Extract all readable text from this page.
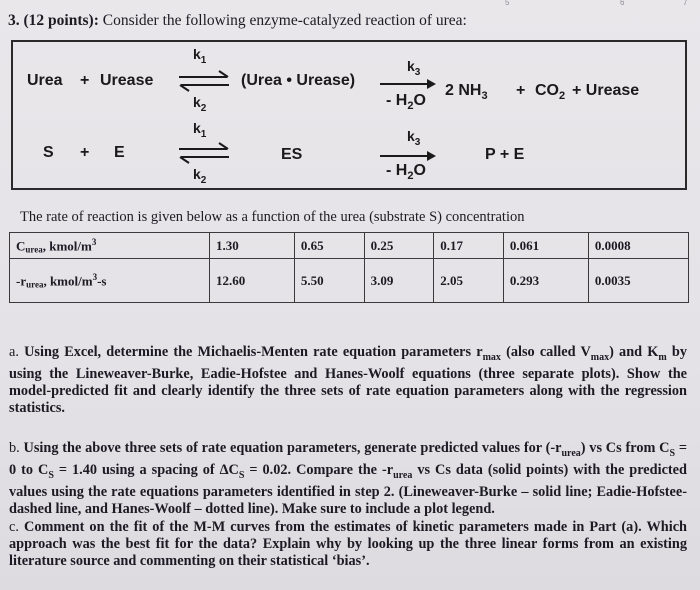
5	6	7
3. (12 points): Consider the following enzyme-catalyzed reaction of urea:
Urea + Urease
$k_1$
$k_2$
(Urea • Urease)
$k_3$
- $H_2O$
2 $NH_3 + CO_2$ + Urease
S + E
$k_1$
$k_2$
ES
$k_3$
- $H_2O$
P + E
The rate of reaction is given below as a function of the urea (substrate S) concentration
Curea, kmol/$m^3$	1.30	0.65	0.25	0.17	0.061	0.0008
-rurea, kmol/$m^3-s$	12.60	5.50	3.09	2.05	0.293	0.0035
a. Using Excel, determine the Michaelis-Menten rate equation parameters $r_{max}$ (also called $V_{max}$) and $K_m$ by using the Lineweaver-Burke, Eadie-Hofstee and Hanes-Woolf equations (three separate plots). Show the model-predicted fit and clearly identify the three sets of rate equation parameters along with the regression statistics.
b. Using the above three sets of rate equation parameters, generate predicted values for $(-r_{urea})$ vs Cs from $C_S = 0$ to $C_S = 1.40$ using a spacing of $\Delta C_S = 0.02$. Compare the $-r_{urea}$ vs Cs data (solid points) with the predicted values using the rate equations parameters identified in step 2. (Lineweaver-Burke – solid line; Eadie-Hofstee-dashed line, and Hanes-Woolf – dotted line). Make sure to include a plot legend.
c. Comment on the fit of the M-M curves from the estimates of kinetic parameters made in Part (a). Which approach was the best fit for the data? Explain why by looking up the three linear forms from an existing literature source and commenting on their statistical ‘bias’.
